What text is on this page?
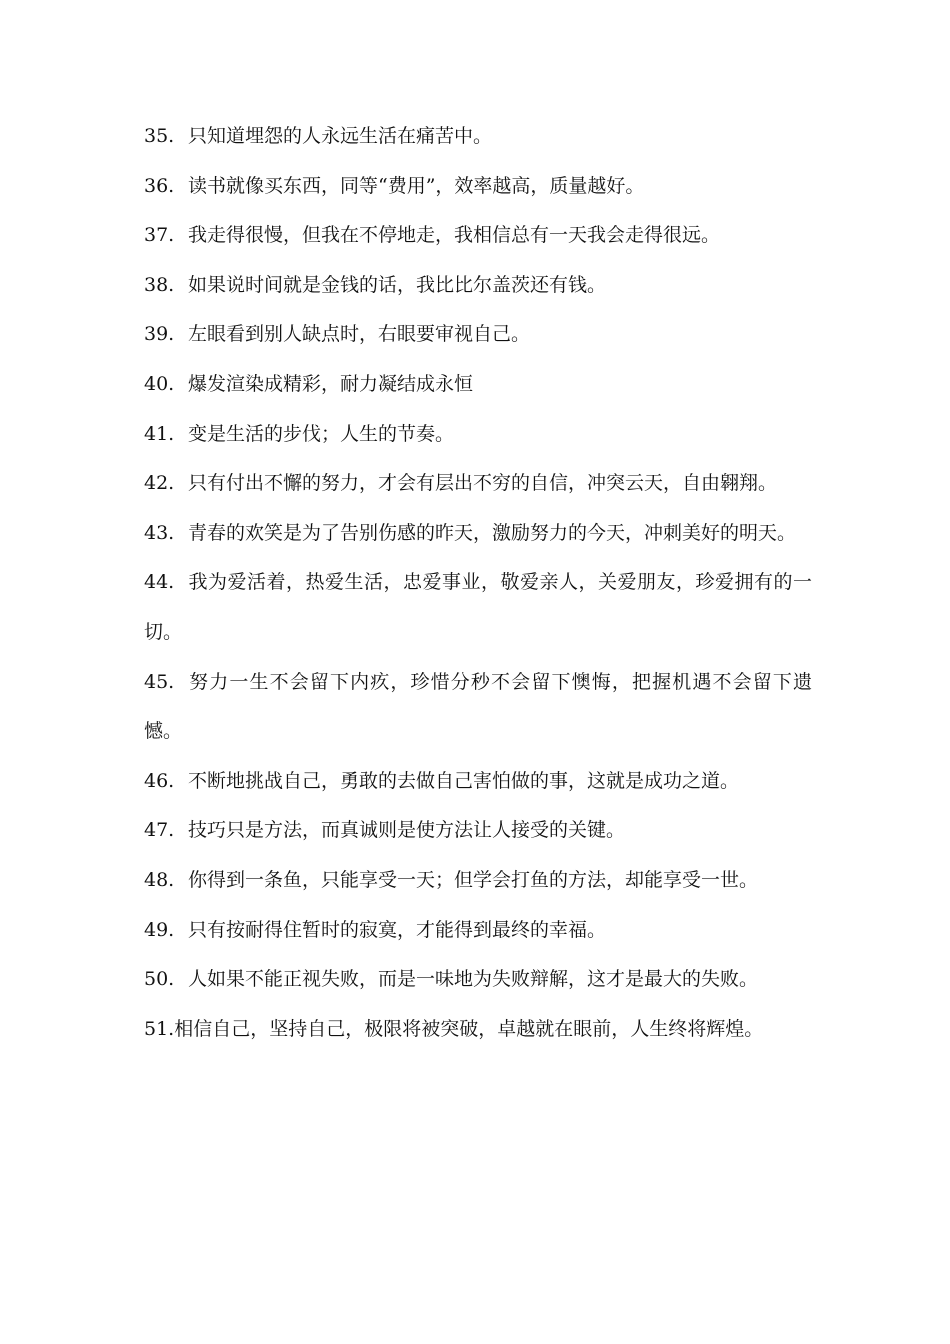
35. 只知道埋怨的人永远生活在痛苦中。

36. 读书就像买东西，同等“费用”，效率越高，质量越好。

37. 我走得很慢，但我在不停地走，我相信总有一天我会走得很远。

38. 如果说时间就是金钱的话，我比比尔盖茨还有钱。

39. 左眼看到别人缺点时，右眼要审视自己。

40. 爆发渲染成精彩，耐力凝结成永恒

41. 变是生活的步伐；人生的节奏。

42. 只有付出不懈的努力，才会有层出不穷的自信，冲突云天，自由翱翔。

43. 青春的欢笑是为了告别伤感的昨天，激励努力的今天，冲刺美好的明天。

44. 我为爱活着，热爱生活，忠爱事业，敬爱亲人，关爱朋友，珍爱拥有的一切。

45. 努力一生不会留下内疚，珍惜分秒不会留下懊悔，把握机遇不会留下遗憾。

46. 不断地挑战自己，勇敢的去做自己害怕做的事，这就是成功之道。

47. 技巧只是方法，而真诚则是使方法让人接受的关键。

48. 你得到一条鱼，只能享受一天；但学会打鱼的方法，却能享受一世。

49. 只有按耐得住暂时的寂寞，才能得到最终的幸福。

50. 人如果不能正视失败，而是一味地为失败辩解，这才是最大的失败。

51.相信自己，坚持自己，极限将被突破，卓越就在眼前，人生终将辉煌。
